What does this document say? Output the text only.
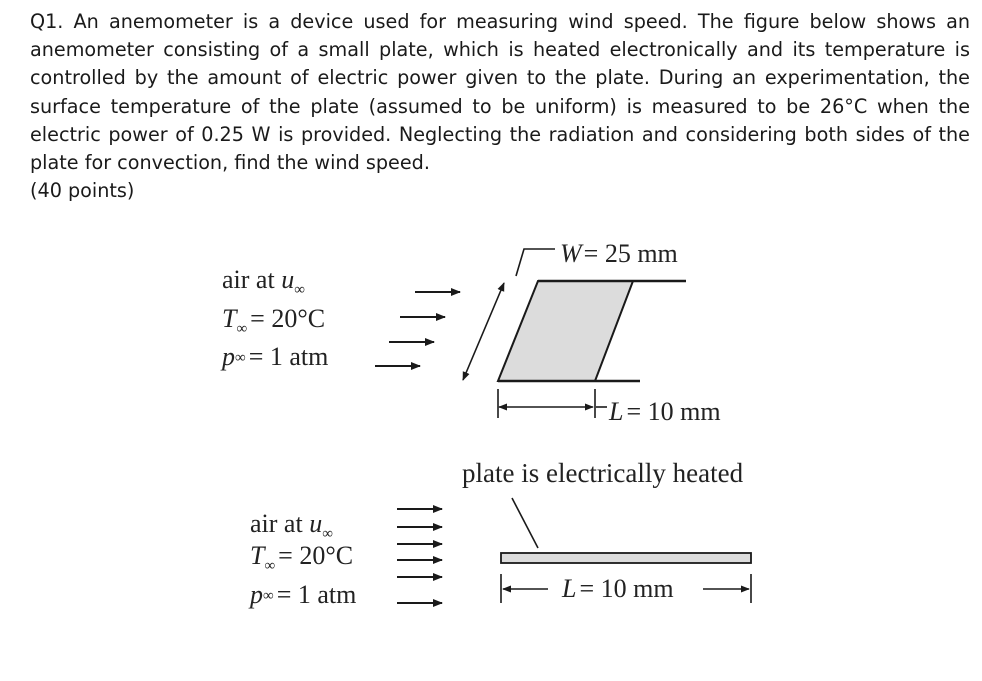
Q1. An anemometer is a device used for measuring wind speed. The figure below shows an anemometer consisting of a small plate, which is heated electronically and its temperature is controlled by the amount of electric power given to the plate. During an experimentation, the surface temperature of the plate (assumed to be uniform) is measured to be 26°C when the electric power of 0.25 W is provided. Neglecting the radiation and considering both sides of the plate for convection, find the wind speed.
(40 points)
air at $u_\infty$
$T_\infty = 20^\circ C$
p∞ = 1 atm
W= 25 mm
L = 10 mm
plate is electrically heated
air at $u_\infty$
$T_\infty = 20^\circ C$
p∞ = 1 atm	L = 10 mm
